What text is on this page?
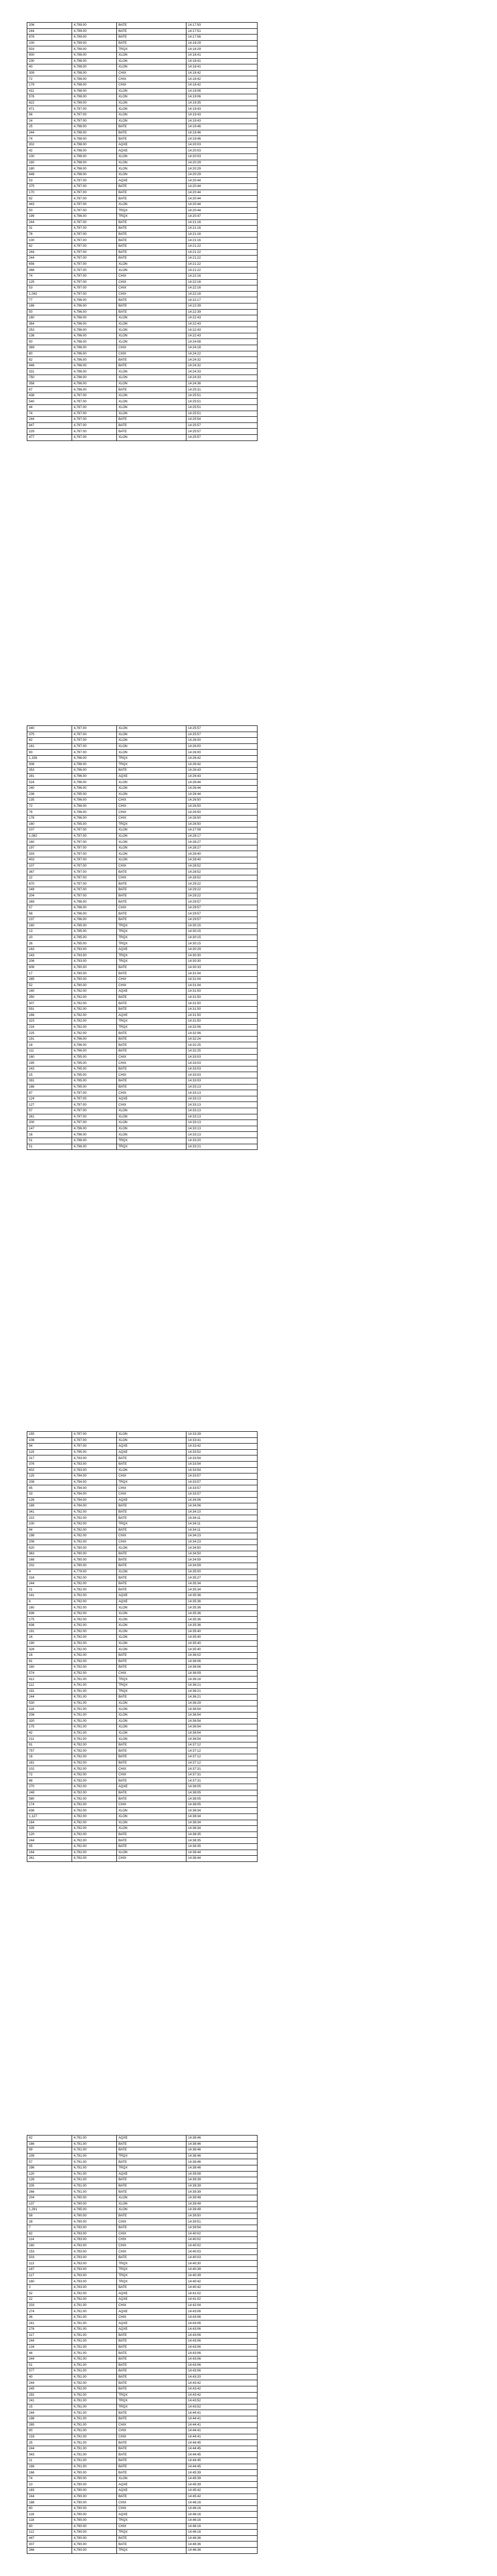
206	4,799.00	BATE	14:17:50
244	4,799.00	BATE	14:17:51
876	4,799.00	BATE	14:17:56
100	4,799.00	BATE	14:18:29
503	4,799.00	TRQX	14:18:29
900	4,798.00	XLON	14:18:41
230	4,798.00	XLON	14:18:41
40	4,798.00	XLON	14:18:41
309	4,798.00	CHIX	14:18:42
72	4,798.00	CHIX	14:18:42
179	4,798.00	CHIX	14:18:42
411	4,798.00	XLON	14:19:06
576	4,798.00	XLON	14:19:06
622	4,799.00	XLON	14:19:35
471	4,797.00	XLON	14:19:43
56	4,797.00	XLON	14:19:43
24	4,797.00	XLON	14:19:43
25	4,798.00	BATE	14:19:46
244	4,798.00	BATE	14:19:46
74	4,798.00	BATE	14:19:46
302	4,798.00	AQXE	14:20:03
42	4,798.00	AQXE	14:20:03
100	4,798.00	XLON	14:20:03
160	4,798.00	XLON	14:20:29
180	4,798.00	XLON	14:20:29
648	4,798.00	XLON	14:20:29
53	4,797.00	AQXE	14:20:44
375	4,797.00	BATE	14:20:44
170	4,797.00	BATE	14:20:44
82	4,797.00	BATE	14:20:44
443	4,797.00	XLON	14:20:44
50	4,797.00	TRQX	14:20:44
199	4,796.00	TRQX	14:20:47
244	4,797.00	BATE	14:21:16
31	4,797.00	BATE	14:21:16
78	4,797.00	BATE	14:21:16
100	4,797.00	BATE	14:21:16
82	4,797.00	BATE	14:21:22
244	4,797.00	BATE	14:21:22
244	4,797.00	BATE	14:21:22
656	4,797.00	XLON	14:21:22
366	4,797.00	XLON	14:21:22
74	4,797.00	CHIX	14:22:16
125	4,797.00	CHIX	14:22:16
53	4,797.00	CHIX	14:22:16
1,042	4,797.00	CHIX	14:22:16
77	4,796.00	BATE	14:22:17
186	4,796.00	BATE	14:22:39
50	4,796.00	BATE	14:22:39
160	4,796.00	XLON	14:22:43
364	4,796.00	XLON	14:22:43
253	4,796.00	XLON	14:22:43
136	4,796.00	XLON	14:22:43
50	4,796.00	XLON	14:24:08
369	4,796.00	CHIX	14:24:18
80	4,796.00	CHIX	14:24:22
82	4,796.00	BATE	14:24:32
446	4,796.00	BATE	14:24:32
331	4,796.00	XLON	14:24:33
750	4,796.00	XLON	14:24:33
358	4,796.00	XLON	14:24:36
67	4,796.00	BATE	14:25:31
438	4,797.00	XLON	14:25:51
540	4,797.00	XLON	14:25:51
44	4,797.00	XLON	14:25:51
74	4,797.00	XLON	14:25:51
244	4,797.00	BATE	14:25:54
847	4,797.00	BATE	14:25:57
229	4,797.00	BATE	14:25:57
477	4,797.00	XLON	14:25:57
340	4,797.00	XLON	14:25:57
375	4,797.00	XLON	14:25:57
82	4,797.00	XLON	14:26:00
161	4,797.00	XLON	14:26:00
90	4,797.00	XLON	14:26:00
1,156	4,796.00	TRQX	14:26:42
308	4,796.00	TRQX	14:26:42
353	4,796.00	BATE	14:26:43
281	4,796.00	AQXE	14:26:43
524	4,796.00	XLON	14:26:44
240	4,796.00	XLON	14:26:44
236	4,795.00	XLON	14:26:44
135	4,796.00	CHIX	14:26:50
72	4,796.00	CHIX	14:26:50
76	4,796.00	CHIX	14:26:50
178	4,796.00	CHIX	14:26:50
160	4,795.00	TRQX	14:26:50
107	4,797.00	XLON	14:27:08
1,082	4,797.00	XLON	14:28:17
160	4,797.00	XLON	14:28:27
197	4,797.00	XLON	14:28:27
333	4,797.00	XLON	14:28:40
403	4,797.00	XLON	14:28:40
107	4,797.00	CHIX	14:28:52
367	4,797.00	BATE	14:28:52
22	4,797.00	CHIX	14:28:52
670	4,797.00	BATE	14:29:22
249	4,797.00	BATE	14:29:22
204	4,797.00	BATE	14:29:22
269	4,796.00	BATE	14:29:57
57	4,796.00	CHIX	14:29:57
58	4,796.00	BATE	14:29:57
237	4,796.00	BATE	14:29:57
160	4,795.00	TRQX	14:30:15
13	4,795.00	TRQX	14:30:15
20	4,795.00	TRQX	14:30:15
26	4,795.00	TRQX	14:30:15
163	4,793.00	AQXE	14:30:29
243	4,793.00	TRQX	14:30:30
206	4,793.00	TRQX	14:30:30
608	4,790.00	BATE	14:30:33
17	4,790.00	BATE	14:31:04
285	4,790.00	CHIX	14:31:04
52	4,790.00	CHIX	14:31:04
160	4,792.00	AQXE	14:31:50
350	4,792.00	BATE	14:31:50
307	4,792.00	BATE	14:31:50
591	4,792.00	BATE	14:31:50
166	4,792.00	AQXE	14:31:50
323	4,792.00	TRQX	14:31:50
216	4,792.00	TRQX	14:32:06
225	4,792.00	BATE	14:32:06
191	4,796.00	BATE	14:32:24
18	4,796.00	BATE	14:32:25
111	4,796.00	BATE	14:32:25
160	4,795.00	CHIX	14:33:03
195	4,795.00	CHIX	14:33:03
243	4,795.00	BATE	14:33:03
15	4,795.00	CHIX	14:33:03
391	4,795.00	BATE	14:33:03
168	4,795.00	BATE	14:33:13
87	4,797.00	CHIX	14:33:13
124	4,797.00	AQXE	14:33:13
127	4,797.00	CHIX	14:33:13
57	4,797.00	XLON	14:33:13
261	4,797.00	XLON	14:33:13
200	4,797.00	XLON	14:33:13
147	4,796.00	XLON	14:33:13
16	4,796.00	XLON	14:33:13
51	4,796.00	TRQX	14:33:20
51	4,796.00	TRQX	14:33:21
155	4,797.00	XLON	14:33:39
108	4,797.00	XLON	14:33:41
94	4,797.00	AQXE	14:33:42
119	4,795.00	AQXE	14:33:52
317	4,793.00	BATE	14:33:54
376	4,793.00	BATE	14:33:54
602	4,793.00	XLON	14:33:54
125	4,794.00	CHIX	14:33:57
208	4,794.00	TRQX	14:33:57
95	4,794.00	CHIX	14:33:57
33	4,794.00	CHIX	14:33:57
126	4,794.00	AQXE	14:34:06
189	4,794.00	BATE	14:34:06
341	4,792.00	BATE	14:34:10
222	4,792.00	BATE	14:34:11
100	4,792.00	TRQX	14:34:11
94	4,792.00	BATE	14:34:11
198	4,792.00	CHIX	14:34:23
206	4,792.00	CHIX	14:34:23
620	4,790.00	XLON	14:34:50
363	4,790.00	BATE	14:34:50
168	4,790.00	BATE	14:34:59
202	4,790.00	BATE	14:34:59
4	4,779.00	XLON	14:35:00
316	4,792.00	BATE	14:35:27
244	4,792.00	BATE	14:35:34
21	4,792.00	BATE	14:35:34
141	4,792.00	AQXE	14:35:36
6	4,792.00	AQXE	14:35:36
160	4,792.00	XLON	14:35:36
636	4,792.00	XLON	14:35:36
175	4,792.00	XLON	14:35:36
636	4,792.00	XLON	14:35:36
191	4,792.00	XLON	14:35:40
16	4,792.00	XLON	14:35:40
190	4,792.00	XLON	14:35:40
326	4,792.00	XLON	14:35:40
16	4,792.00	BATE	14:36:02
81	4,792.00	BATE	14:36:06
160	4,792.00	BATE	14:36:06
574	4,792.00	CHIX	14:36:09
412	4,791.00	TRQX	14:36:18
112	4,791.00	TRQX	14:36:21
191	4,791.00	TRQX	14:36:21
244	4,791.00	BATE	14:36:21
530	4,791.00	XLON	14:36:29
118	4,791.00	XLON	14:36:54
208	4,791.00	XLON	14:36:54
320	4,791.00	XLON	14:36:54
175	4,791.00	XLON	14:36:54
42	4,791.00	XLON	14:36:54
211	4,791.00	XLON	14:36:54
91	4,792.00	BATE	14:37:12
757	4,792.00	BATE	14:37:12
16	4,792.00	BATE	14:37:12
181	4,792.00	BATE	14:37:12
102	4,792.00	CHIX	14:37:31
72	4,792.00	CHIX	14:37:31
88	4,792.00	BATE	14:37:31
270	4,792.00	AQXE	14:38:05
248	4,792.00	BATE	14:38:05
580	4,792.00	BATE	14:38:05
174	4,792.00	CHIX	14:38:05
636	4,792.00	XLON	14:38:34
1,127	4,792.00	XLON	14:38:34
164	4,792.00	XLON	14:38:34
335	4,792.00	XLON	14:38:34
120	4,792.00	BATE	14:38:35
244	4,792.00	BATE	14:38:35
55	4,792.00	BATE	14:38:35
164	4,792.00	XLON	14:38:44
261	4,792.00	CHIX	14:38:44
82	4,791.00	AQXE	14:38:46
166	4,791.00	BATE	14:38:46
99	4,791.00	BATE	14:38:46
239	4,791.00	TRQX	14:38:46
57	4,791.00	BATE	14:38:46
296	4,791.00	TRQX	14:38:46
120	4,791.00	AQXE	14:39:08
126	4,791.00	BATE	14:39:39
205	4,791.00	BATE	14:39:39
266	4,791.00	BATE	14:39:39
204	4,790.00	XLON	14:39:49
137	4,790.00	XLON	14:39:49
1,291	4,795.00	XLON	14:39:49
58	4,790.00	BATE	14:39:50
28	4,790.00	CHIX	14:39:51
7	4,793.00	BATE	14:39:54
82	4,793.00	CHIX	14:40:02
114	4,793.00	CHIX	14:40:02
160	4,793.00	CHIX	14:40:02
153	4,793.00	CHIX	14:40:03
503	4,793.00	BATE	14:40:03
113	4,793.00	TRQX	14:40:30
187	4,793.00	TRQX	14:40:39
117	4,793.00	TRQX	14:40:39
160	4,793.00	TRQX	14:40:42
2	4,793.00	BATE	14:40:42
32	4,792.00	AQXE	14:41:02
22	4,792.00	AQXE	14:41:02
203	4,791.00	CHIX	14:42:04
274	4,791.00	AQXE	14:43:06
36	4,791.00	CHIX	14:43:06
241	4,791.00	AQXE	14:43:06
276	4,791.00	AQXE	14:43:06
117	4,791.00	BATE	14:43:06
244	4,791.00	BATE	14:43:06
134	4,791.00	BATE	14:43:06
44	4,791.00	BATE	14:43:06
244	4,791.00	BATE	14:43:06
51	4,791.00	BATE	14:43:06
577	4,791.00	BATE	14:43:06
40	4,791.00	BATE	14:43:20
244	4,792.00	BATE	14:43:42
245	4,792.00	BATE	14:43:42
292	4,792.00	TRQX	14:43:42
241	4,791.00	TRQX	14:43:52
15	4,791.00	TRQX	14:43:52
244	4,791.00	BATE	14:44:41
198	4,791.00	BATE	14:44:41
265	4,791.00	CHIX	14:44:41
80	4,791.00	CHIX	14:44:41
218	4,791.00	CHIX	14:44:41
25	4,791.00	BATE	14:44:45
244	4,791.00	BATE	14:44:45
343	4,791.00	BATE	14:44:45
11	4,791.00	BATE	14:44:45
166	4,791.00	BATE	14:44:45
166	4,790.00	BATE	14:45:39
74	4,790.00	XLON	14:45:39
10	4,790.00	AQXE	14:45:39
183	4,790.00	AQXE	14:45:42
244	4,790.00	BATE	14:45:42
188	4,790.00	CHIX	14:46:16
80	4,790.00	CHIX	14:46:16
116	4,790.00	AQXE	14:46:16
118	4,790.00	TRQX	14:46:16
80	4,790.00	CHIX	14:46:16
112	4,790.00	TRQX	14:46:16
447	4,790.00	BATE	14:46:36
307	4,790.00	BATE	14:46:36
266	4,790.00	TRQX	14:46:36
